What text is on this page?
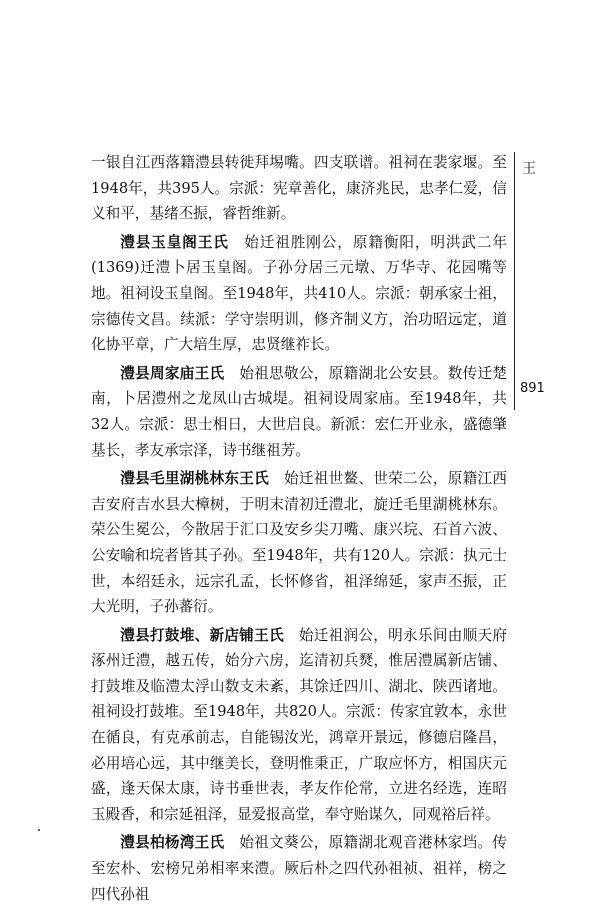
一银自江西落籍澧县转徙拜埸嘴。四支联谱。祖祠在裴家堰。至1948年，共395人。宗派：宪章善化，康济兆民，忠孝仁爱，信义和平，基绪丕振，睿哲维新。

澧县玉皇阁王氏  始迁祖胜刚公，原籍衡阳，明洪武二年(1369)迁澧卜居玉皇阁。子孙分居三元墩、万华寺、花园嘴等地。祖祠设玉皇阁。至1948年，共410人。宗派：朝承家士祖，宗德传文昌。续派：学守崇明训，修齐制义方，治功昭远定，道化协平章，广大培生厚，忠贤继祚长。

澧县周家庙王氏  始祖思敬公，原籍湖北公安县。数传迁楚南，卜居澧州之龙凤山古城堤。祖祠设周家庙。至1948年，共32人。宗派：思士相日，大世启良。新派：宏仁开业永，盛德肇基长，孝友承宗泽，诗书继祖芳。

澧县毛里湖桃林东王氏  始迁祖世鳌、世荣二公，原籍江西吉安府吉水县大樟树，于明末清初迁澧北，旋迁毛里湖桃林东。荣公生冕公，今散居于汇口及安乡尖刀嘴、康兴垸、石首六波、公安喻和垸者皆其子孙。至1948年，共有120人。宗派：执元士世，本绍廷永，远宗孔孟，长怀修省，祖泽绵延，家声丕振，正大光明，子孙蕃衍。

澧县打鼓堆、新店铺王氏  始迁祖润公，明永乐间由顺天府涿州迁澧，越五传，始分六房，迄清初兵燹，惟居澧属新店铺、打鼓堆及临澧太浮山数支未紊，其馀迁四川、湖北、陕西诸地。祖祠设打鼓堆。至1948年，共820人。宗派：传家宜敦本，永世在循良，有克承前志，自能锡汝光，鸿章开景远，修德启隆昌，必用培心远，其中继美长，登明惟秉正，广取应怀方，相国庆元盛，逢天保太康，诗书垂世表，孝友作伦常，立进名经选，连昭玉殿香，和宗延祖泽，显爱报高堂，奉守贻谋久，同观裕后祥。

澧县柏杨湾王氏  始祖文葵公，原籍湖北观音港林家垱。传至宏朴、宏榜兄弟相率来澧。厥后朴之四代孙祖祯、祖祥，榜之四代孙祖

王
891
